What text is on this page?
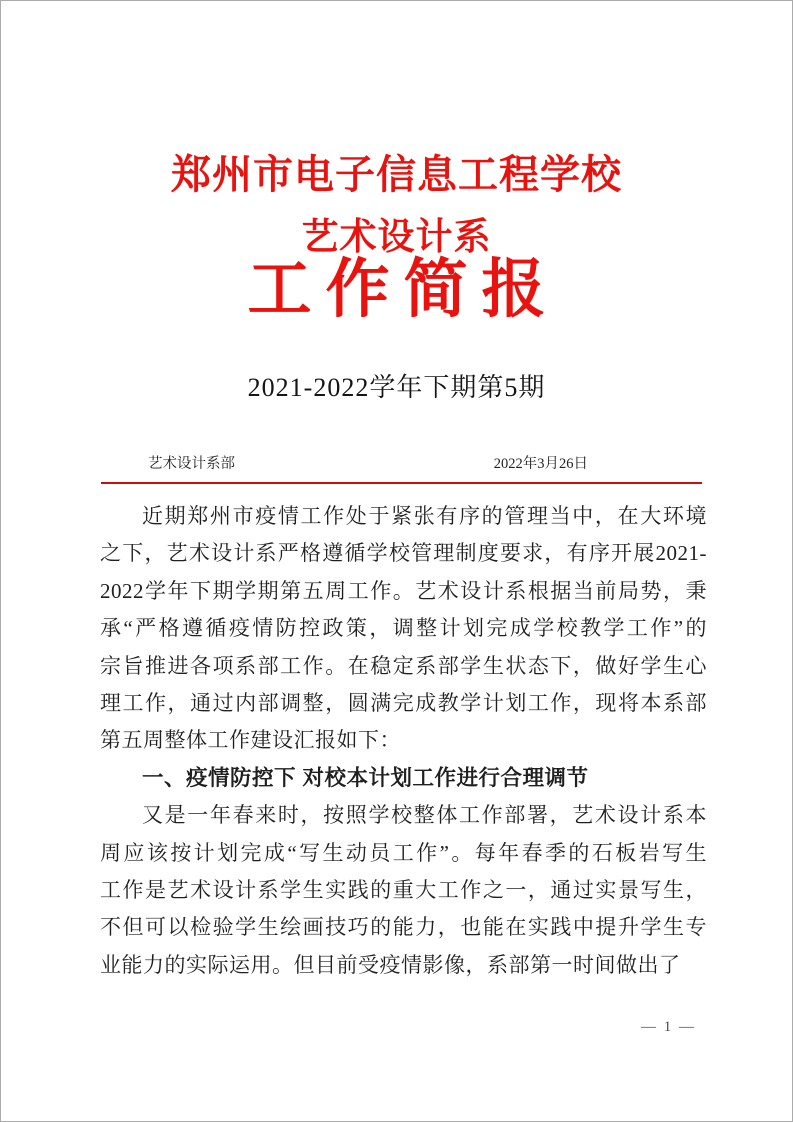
郑州市电子信息工程学校
艺术设计系
工作简报
2021-2022学年下期第5期
艺术设计系部	2022年3月26日
近期郑州市疫情工作处于紧张有序的管理当中，在大环境
之下，艺术设计系严格遵循学校管理制度要求，有序开展2021-
2022学年下期学期第五周工作。艺术设计系根据当前局势，秉
承“严格遵循疫情防控政策，调整计划完成学校教学工作”的
宗旨推进各项系部工作。在稳定系部学生状态下，做好学生心
理工作，通过内部调整，圆满完成教学计划工作，现将本系部
第五周整体工作建设汇报如下：
一、疫情防控下 对校本计划工作进行合理调节
又是一年春来时，按照学校整体工作部署，艺术设计系本
周应该按计划完成“写生动员工作”。每年春季的石板岩写生
工作是艺术设计系学生实践的重大工作之一，通过实景写生，
不但可以检验学生绘画技巧的能力，也能在实践中提升学生专
业能力的实际运用。但目前受疫情影像，系部第一时间做出了
— 1 —
